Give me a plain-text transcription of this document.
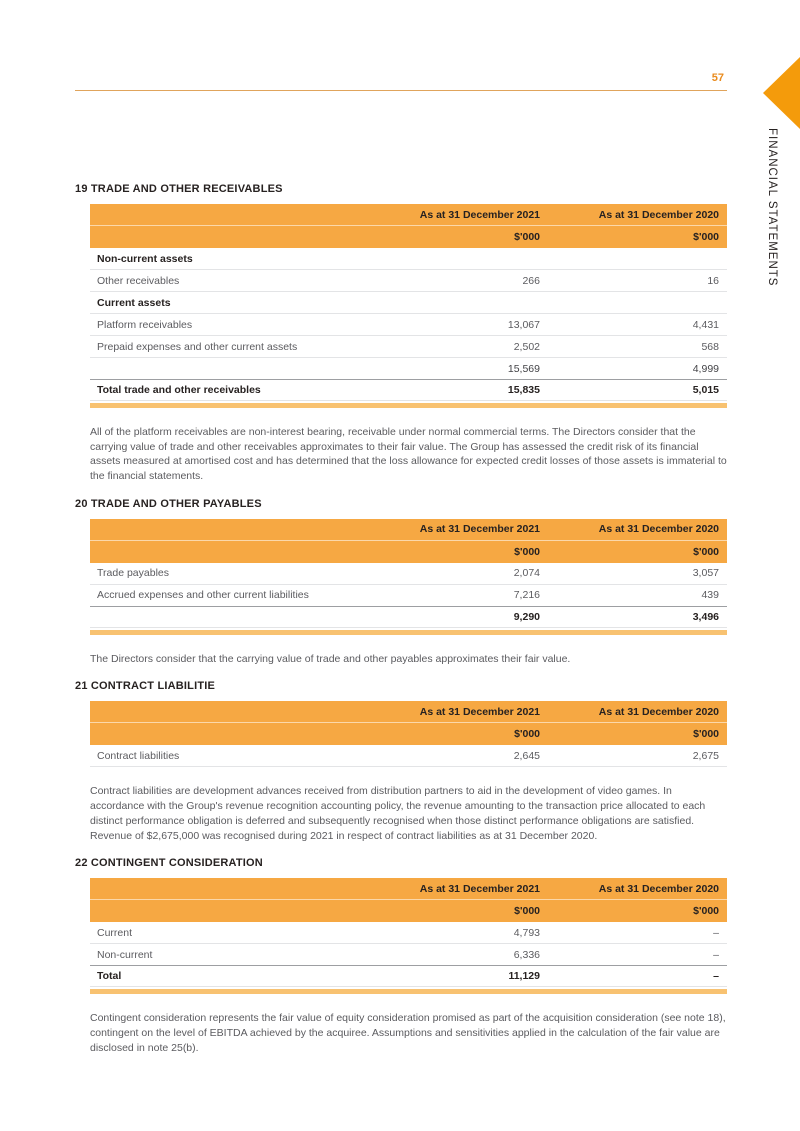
57
FINANCIAL STATEMENTS
19 TRADE AND OTHER RECEIVABLES
As at 31 December 2021	As at 31 December 2020
$'000	$'000
Non-current assets
Other receivables	266	16
Current assets
Platform receivables	13,067	4,431
Prepaid expenses and other current assets	2,502	568
15,569	4,999
Total trade and other receivables	15,835	5,015

All of the platform receivables are non-interest bearing, receivable under normal commercial terms. The Directors consider that the carrying value of trade and other receivables approximates to their fair value. The Group has assessed the credit risk of its financial assets measured at amortised cost and has determined that the loss allowance for expected credit losses of those assets is immaterial to the financial statements.

20 TRADE AND OTHER PAYABLES
As at 31 December 2021	As at 31 December 2020
$'000	$'000
Trade payables	2,074	3,057
Accrued expenses and other current liabilities	7,216	439
9,290	3,496

The Directors consider that the carrying value of trade and other payables approximates their fair value.

21 CONTRACT LIABILITIE
As at 31 December 2021	As at 31 December 2020
$'000	$'000
Contract liabilities	2,645	2,675

Contract liabilities are development advances received from distribution partners to aid in the development of video games. In accordance with the Group's revenue recognition accounting policy, the revenue amounting to the transaction price allocated to each distinct performance obligation is deferred and subsequently recognised when those distinct performance obligations are satisfied. Revenue of $2,675,000 was recognised during 2021 in respect of contract liabilities as at 31 December 2020.

22 CONTINGENT CONSIDERATION
As at 31 December 2021	As at 31 December 2020
$'000	$'000
Current	4,793	–
Non-current	6,336	–
Total	11,129	–

Contingent consideration represents the fair value of equity consideration promised as part of the acquisition consideration (see note 18), contingent on the level of EBITDA achieved by the acquiree. Assumptions and sensitivities applied in the calculation of the fair value are disclosed in note 25(b).
